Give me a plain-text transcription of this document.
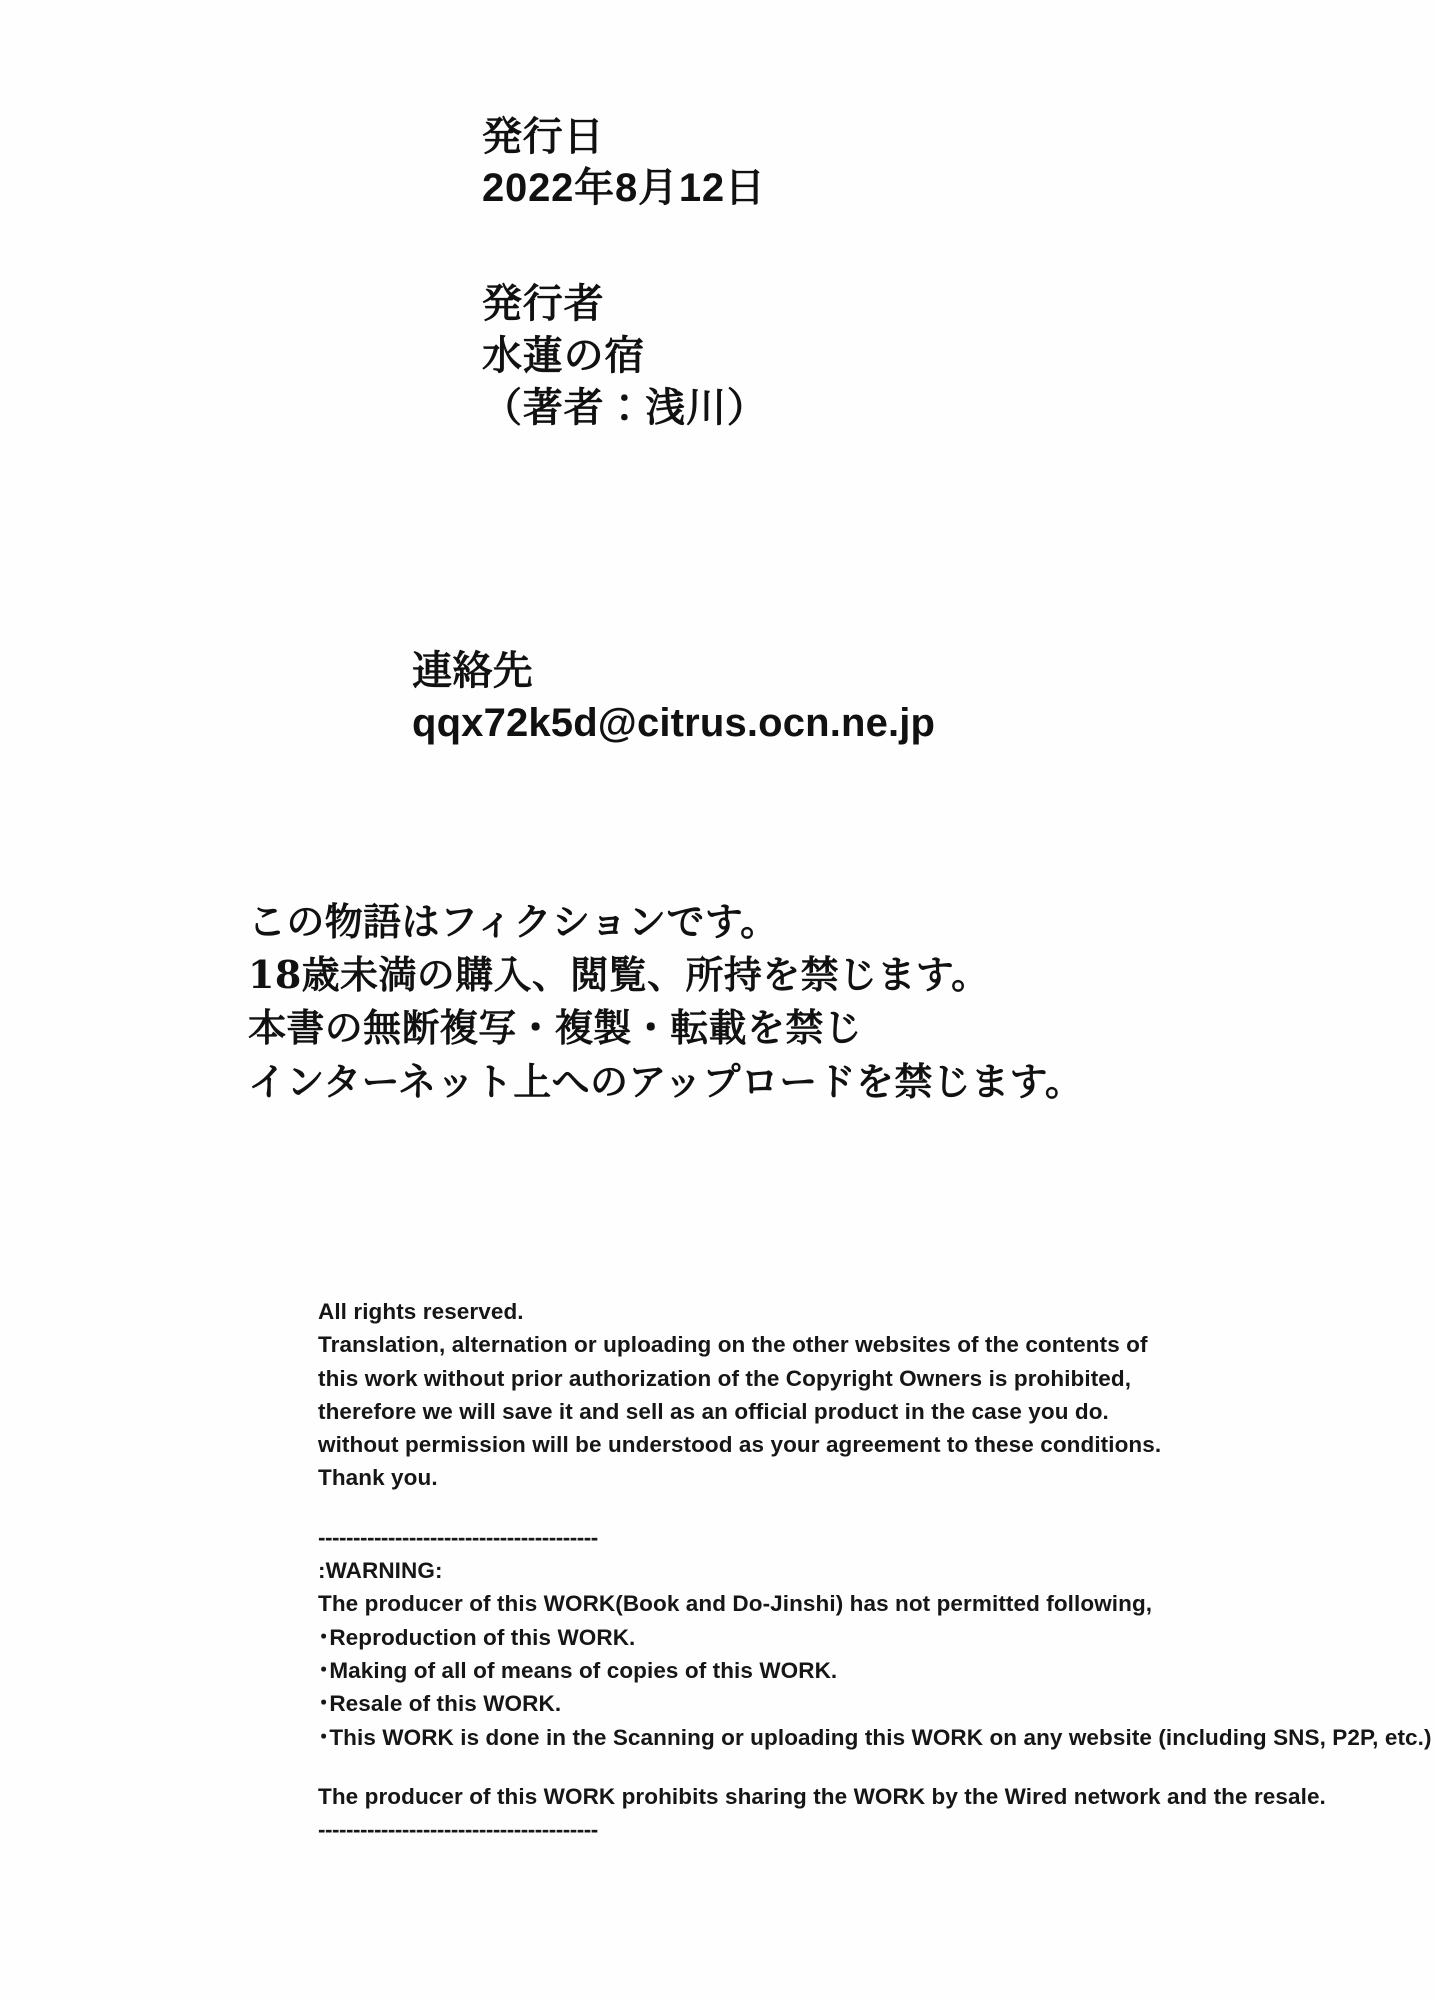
発行日
2022年8月12日
発行者
水蓮の宿
（著者：浅川）
連絡先
qqx72k5d@citrus.ocn.ne.jp
この物語はフィクションです。
18歳未満の購入、閲覧、所持を禁じます。
本書の無断複写・複製・転載を禁じ
インターネット上へのアップロードを禁じます。
All rights reserved.
Translation, alternation or uploading on the other websites of the contents of
this work without prior authorization of the Copyright Owners is prohibited,
therefore we will save it and sell as an official product in the case you do.
without permission will be understood as your agreement to these conditions.
Thank you.
----------------------------------------
:WARNING:
The producer of this WORK(Book and Do-Jinshi) has not permitted following,
･Reproduction of this WORK.
･Making of all of means of copies of this WORK.
･Resale of this WORK.
･This WORK is done in the Scanning or uploading this WORK on any website (including SNS, P2P, etc.)
The producer of this WORK prohibits sharing the WORK by the Wired network and the resale.
----------------------------------------
